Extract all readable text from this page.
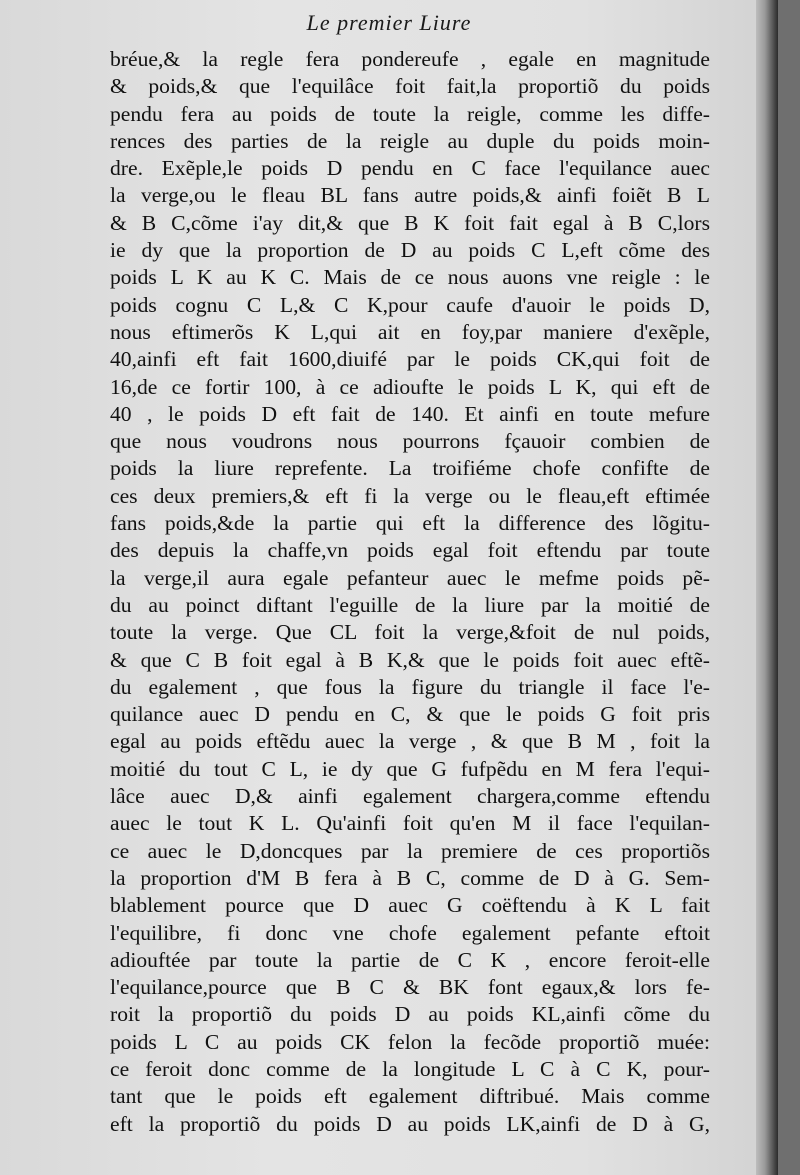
Le premier Liure
bréue,& la regle fera pondereufe , egale en magnitude
& poids,& que l'equilâce foit fait,la proportiõ du poids
pendu fera au poids de toute la reigle, comme les diffe-
rences des parties de la reigle au duple du poids moin-
dre. Exẽple,le poids D pendu en C face l'equilance auec
la verge,ou le fleau BL fans autre poids,& ainfi foiẽt B L
& B C,cõme i'ay dit,& que B K foit fait egal à B C,lors
ie dy que la proportion de D au poids C L,eft cõme des
poids L K au K C. Mais de ce nous auons vne reigle : le
poids cognu C L,& C K,pour caufe d'auoir le poids D,
nous eftimerõs K L,qui ait en foy,par maniere d'exẽple,
40,ainfi eft fait 1600,diuifé par le poids CK,qui foit de
16,de ce fortir 100, à ce adioufte le poids L K, qui eft de
40 , le poids D eft fait de 140. Et ainfi en toute mefure
que nous voudrons nous pourrons fçauoir combien de
poids la liure reprefente. La troifiéme chofe confifte de
ces deux premiers,& eft fi la verge ou le fleau,eft eftimée
fans poids,&de la partie qui eft la difference des lõgitu-
des depuis la chaffe,vn poids egal foit eftendu par toute
la verge,il aura egale pefanteur auec le mefme poids pẽ-
du au poinct diftant l'eguille de la liure par la moitié de
toute la verge. Que CL foit la verge,&foit de nul poids,
& que C B foit egal à B K,& que le poids foit auec eftẽ-
du egalement , que fous la figure du triangle il face l'e-
quilance auec D pendu en C, & que le poids G foit pris
egal au poids eftẽdu auec la verge , & que B M , foit la
moitié du tout C L, ie dy que G fufpẽdu en M fera l'equi-
lâce auec D,& ainfi egalement chargera,comme eftendu
auec le tout K L. Qu'ainfi foit qu'en M il face l'equilan-
ce auec le D,doncques par la premiere de ces proportiõs
la proportion d'M B fera à B C, comme de D à G. Sem-
blablement pource que D auec G coëftendu à K L fait
l'equilibre, fi donc vne chofe egalement pefante eftoit
adiouftée par toute la partie de C K , encore feroit-elle
l'equilance,pource que B C & BK font egaux,& lors fe-
roit la proportiõ du poids D au poids KL,ainfi cõme du
poids L C au poids CK felon la fecõde proportiõ muée:
ce feroit donc comme de la longitude L C à C K, pour-
tant que le poids eft egalement diftribué. Mais comme
eft la proportiõ du poids D au poids LK,ainfi de D à G,
